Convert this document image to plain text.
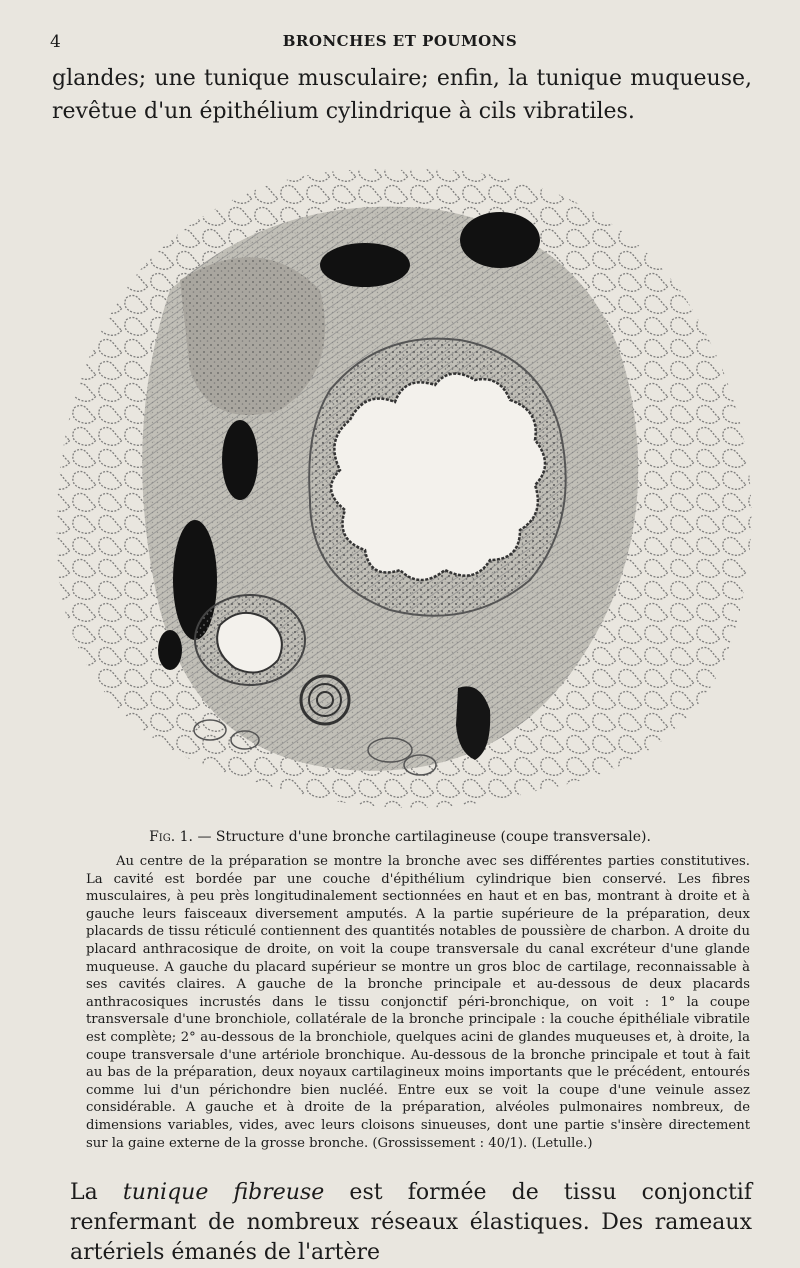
4	BRONCHES ET POUMONS

glandes; une tunique musculaire; enfin, la tunique muqueuse, revêtue d'un épithélium cylindrique à cils vibratiles.

Fig. 1. — Structure d'une bronche cartilagineuse (coupe transversale).

Au centre de la préparation se montre la bronche avec ses différentes parties constitutives. La cavité est bordée par une couche d'épithélium cylindrique bien conservé. Les fibres musculaires, à peu près longitudinalement sectionnées en haut et en bas, montrant à droite et à gauche leurs faisceaux diversement amputés. A la partie supérieure de la préparation, deux placards de tissu réticulé contiennent des quantités notables de poussière de charbon. A droite du placard anthracosique de droite, on voit la coupe transversale du canal excréteur d'une glande muqueuse. A gauche du placard supérieur se montre un gros bloc de cartilage, reconnaissable à ses cavités claires. A gauche de la bronche principale et au-dessous de deux placards anthracosiques incrustés dans le tissu conjonctif péri-bronchique, on voit : 1° la coupe transversale d'une bronchiole, collatérale de la bronche principale : la couche épithéliale vibratile est complète; 2° au-dessous de la bronchiole, quelques acini de glandes muqueuses et, à droite, la coupe transversale d'une artériole bronchique. Au-dessous de la bronche principale et tout à fait au bas de la préparation, deux noyaux cartilagineux moins importants que le précédent, entourés comme lui d'un périchondre bien nucléé. Entre eux se voit la coupe d'une veinule assez considérable. A gauche et à droite de la préparation, alvéoles pulmonaires nombreux, de dimensions variables, vides, avec leurs cloisons sinueuses, dont une partie s'insère directement sur la gaine externe de la grosse bronche. (Grossissement : 40/1). (Letulle.)

La tunique fibreuse est formée de tissu conjonctif renfermant de nombreux réseaux élastiques. Des rameaux artériels émanés de l'artère
